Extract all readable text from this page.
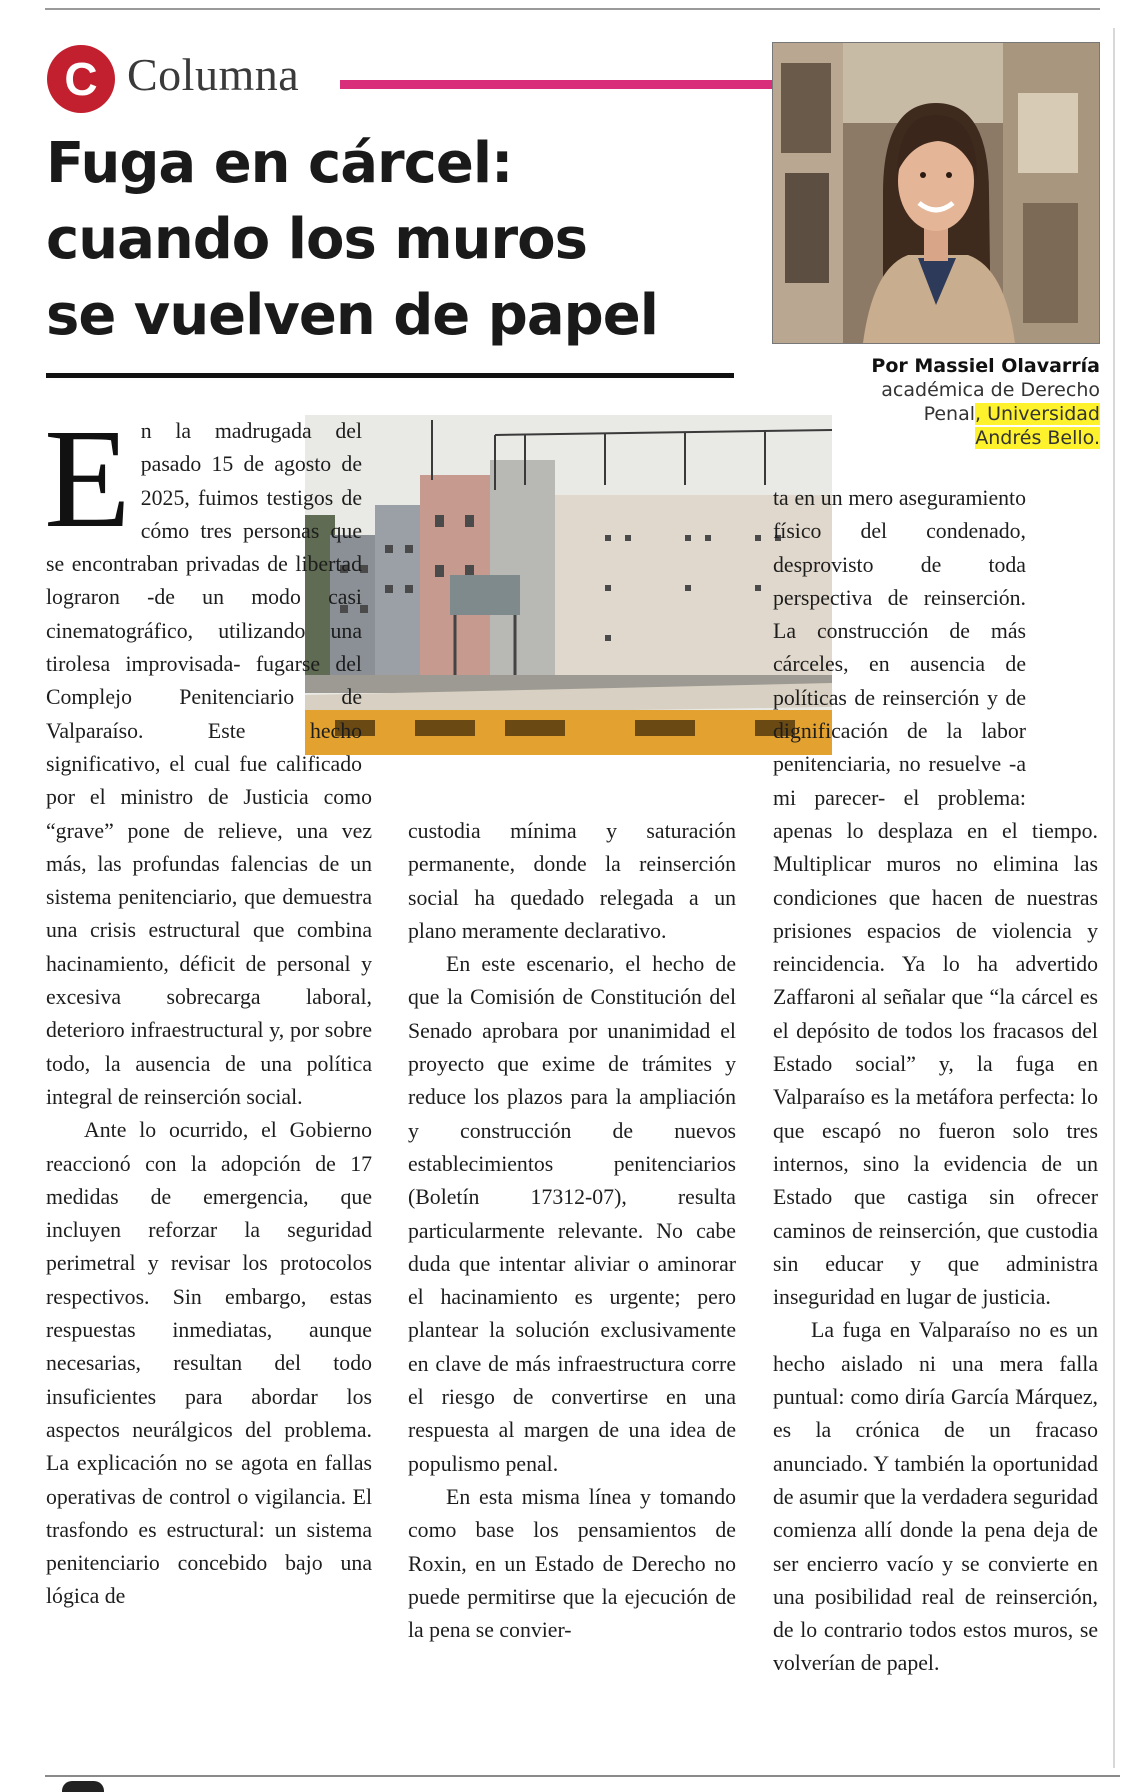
C Columna
Fuga en cárcel:
cuando los muros
se vuelven de papel
Por Massiel Olavarría
académica de Derecho
Penal, Universidad
Andrés Bello.
E n la madrugada del pasado 15 de agosto de 2025, fuimos testigos de cómo tres personas que se encontraban privadas de libertad lograron -de un modo casi cinematográfico, utilizando una tirolesa improvisada- fugarse del Complejo Penitenciario de Valparaíso. Este hecho significativo, el cual fue calificado por el ministro de Justicia como “grave” pone de relieve, una vez más, las profundas falencias de un sistema penitenciario, que demuestra una crisis estructural que combina hacinamiento, déficit de personal y excesiva sobrecarga laboral, deterioro infraestructural y, por sobre todo, la ausencia de una política integral de reinserción social.

Ante lo ocurrido, el Gobierno reaccionó con la adopción de 17 medidas de emergencia, que incluyen reforzar la seguridad perimetral y revisar los protocolos respectivos. Sin embargo, estas respuestas inmediatas, aunque necesarias, resultan del todo insuficientes para abordar los aspectos neurálgicos del problema. La explicación no se agota en fallas operativas de control o vigilancia. El trasfondo es estructural: un sistema penitenciario concebido bajo una lógica de

custodia mínima y saturación permanente, donde la reinserción social ha quedado relegada a un plano meramente declarativo.

En este escenario, el hecho de que la Comisión de Constitución del Senado aprobara por unanimidad el proyecto que exime de trámites y reduce los plazos para la ampliación y construcción de nuevos establecimientos penitenciarios (Boletín 17312-07), resulta particularmente relevante. No cabe duda que intentar aliviar o aminorar el hacinamiento es urgente; pero plantear la solución exclusivamente en clave de más infraestructura corre el riesgo de convertirse en una respuesta al margen de una idea de populismo penal.

En esta misma línea y tomando como base los pensamientos de Roxin, en un Estado de Derecho no puede permitirse que la ejecución de la pena se convier-

ta en un mero aseguramiento físico del condenado, desprovisto de toda perspectiva de reinserción. La construcción de más cárceles, en ausencia de políticas de reinserción y de dignificación de la labor penitenciaria, no resuelve -a mi parecer- el problema: apenas lo desplaza en el tiempo. Multiplicar muros no elimina las condiciones que hacen de nuestras prisiones espacios de violencia y reincidencia. Ya lo ha advertido Zaffaroni al señalar que “la cárcel es el depósito de todos los fracasos del Estado social” y, la fuga en Valparaíso es la metáfora perfecta: lo que escapó no fueron solo tres internos, sino la evidencia de un Estado que castiga sin ofrecer caminos de reinserción, que custodia sin educar y que administra inseguridad en lugar de justicia.

La fuga en Valparaíso no es un hecho aislado ni una mera falla puntual: como diría García Márquez, es la crónica de un fracaso anunciado. Y también la oportunidad de asumir que la verdadera seguridad comienza allí donde la pena deja de ser encierro vacío y se convierte en una posibilidad real de reinserción, de lo contrario todos estos muros, se volverían de papel.
